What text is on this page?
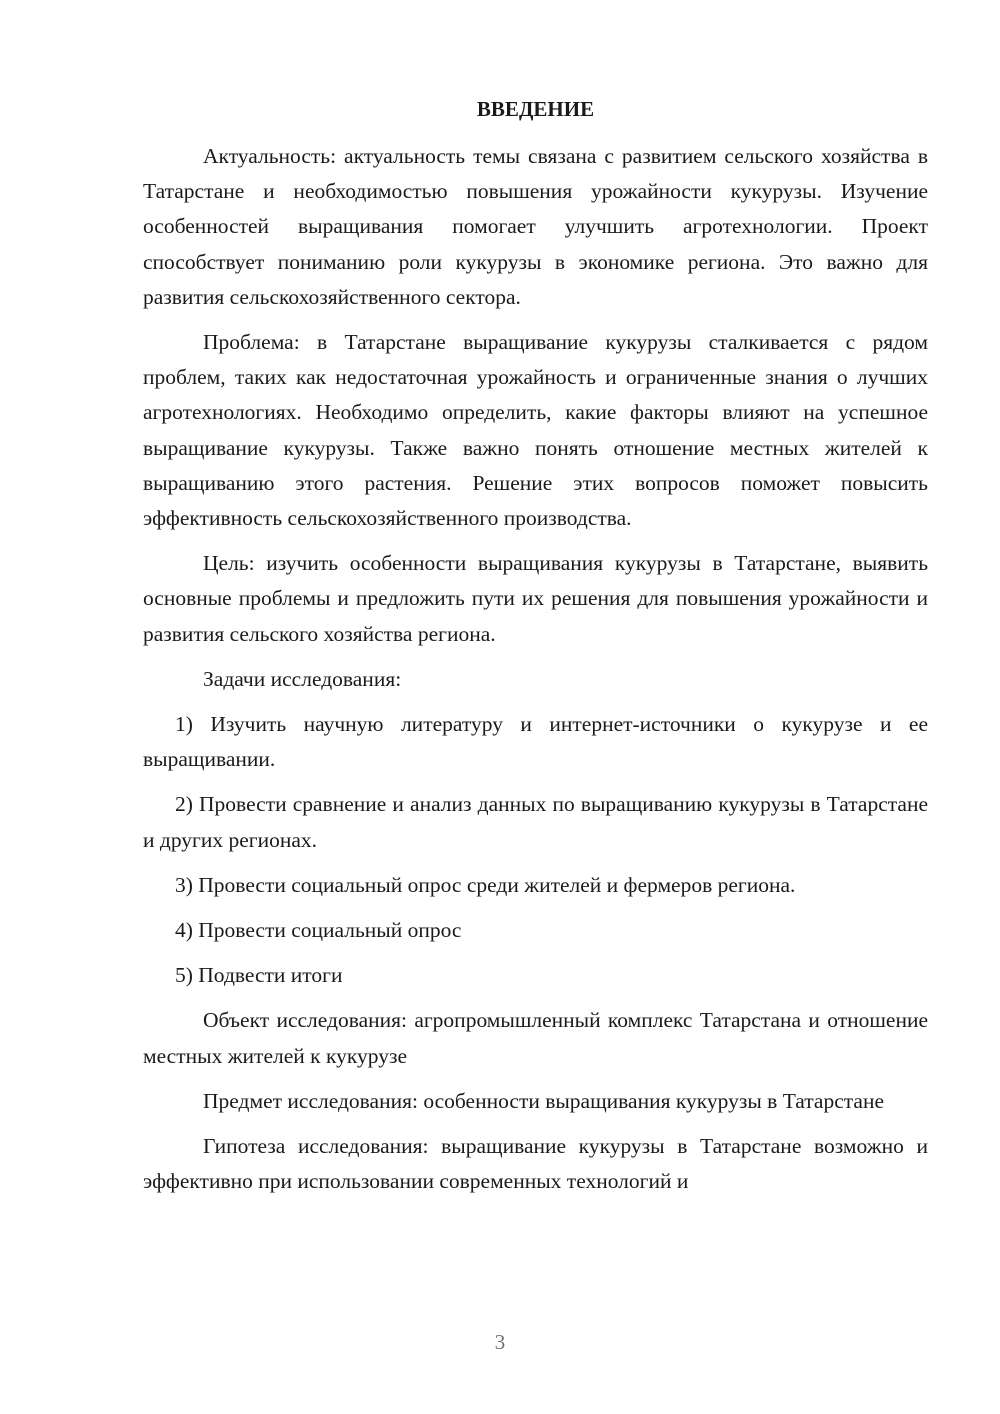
ВВЕДЕНИЕ

Актуальность: актуальность темы связана с развитием сельского хозяйства в Татарстане и необходимостью повышения урожайности кукурузы. Изучение особенностей выращивания помогает улучшить агротехнологии. Проект способствует пониманию роли кукурузы в экономике региона. Это важно для развития сельскохозяйственного сектора.

Проблема: в Татарстане выращивание кукурузы сталкивается с рядом проблем, таких как недостаточная урожайность и ограниченные знания о лучших агротехнологиях. Необходимо определить, какие факторы влияют на успешное выращивание кукурузы. Также важно понять отношение местных жителей к выращиванию этого растения. Решение этих вопросов поможет повысить эффективность сельскохозяйственного производства.

Цель: изучить особенности выращивания кукурузы в Татарстане, выявить основные проблемы и предложить пути их решения для повышения урожайности и развития сельского хозяйства региона.

Задачи исследования:

1) Изучить научную литературу и интернет-источники о кукурузе и ее выращивании.

2) Провести сравнение и анализ данных по выращиванию кукурузы в Татарстане и других регионах.

3) Провести социальный опрос среди жителей и фермеров региона.

4) Провести социальный опрос

5) Подвести итоги

Объект исследования: агропромышленный комплекс Татарстана и отношение местных жителей к кукурузе

Предмет исследования: особенности выращивания кукурузы в Татарстане

Гипотеза исследования: выращивание кукурузы в Татарстане возможно и эффективно при использовании современных технологий и

3
